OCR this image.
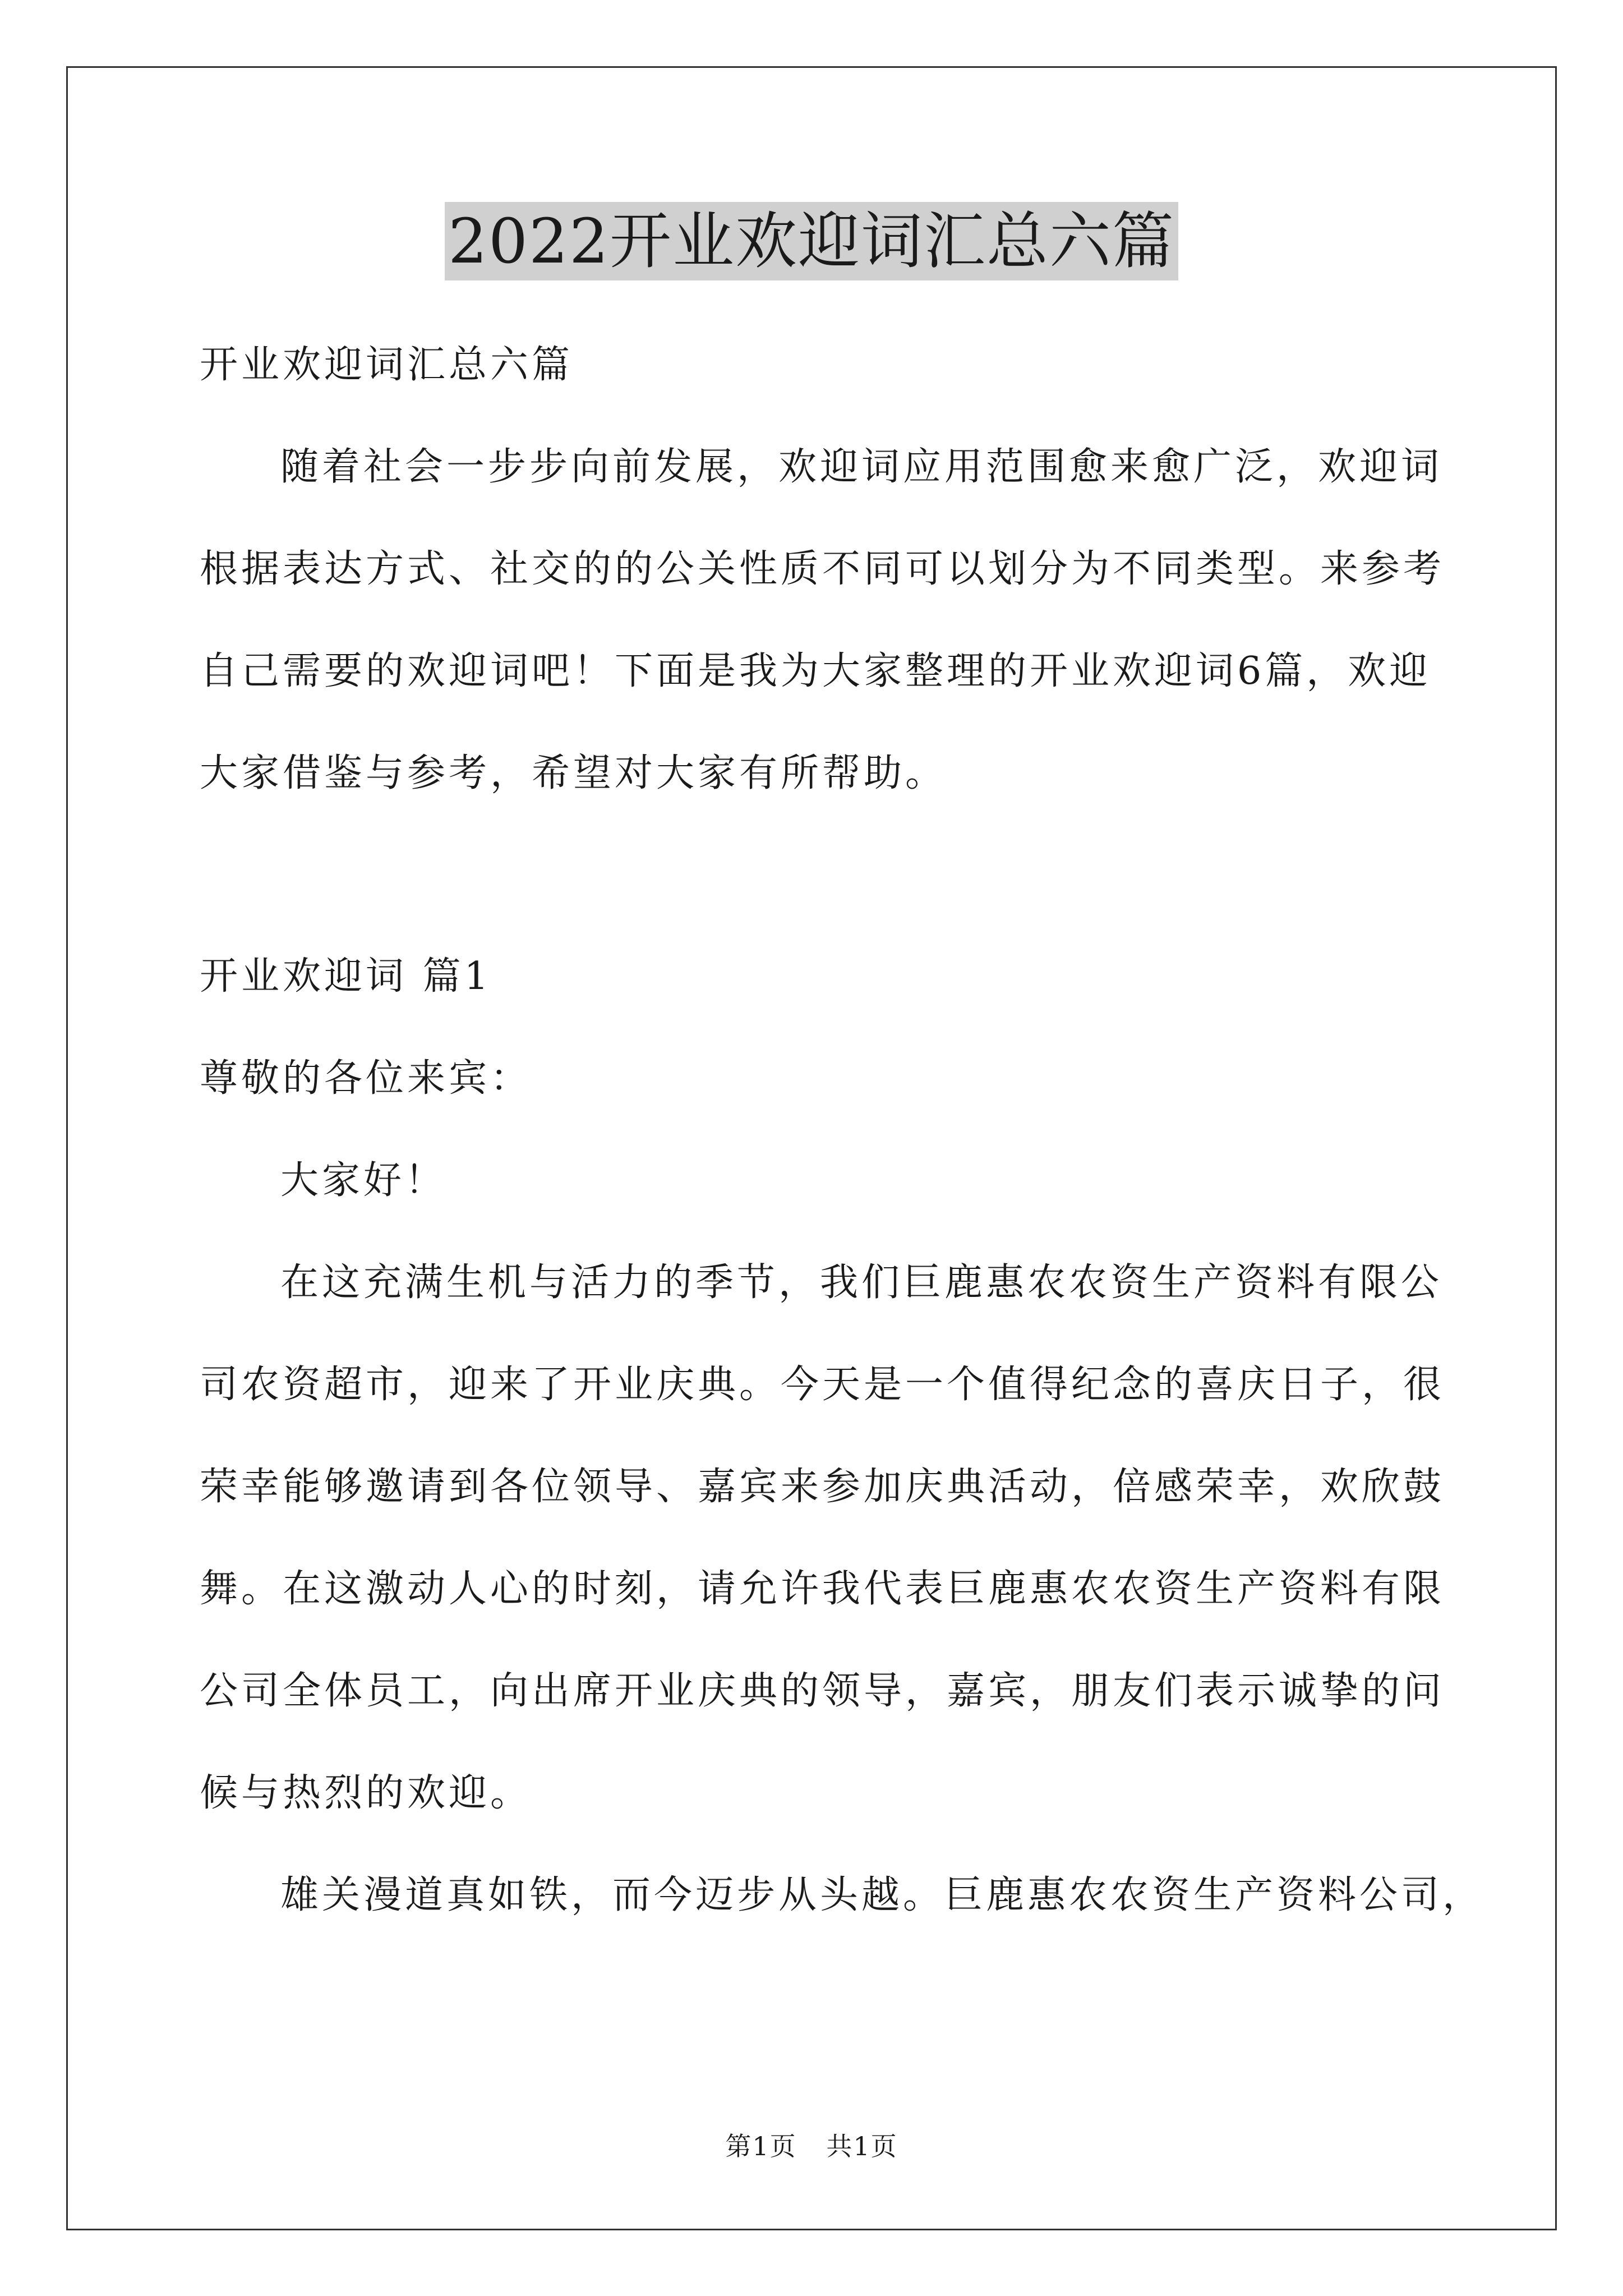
2022开业欢迎词汇总六篇
开业欢迎词汇总六篇
随着社会一步步向前发展，欢迎词应用范围愈来愈广泛，欢迎词
根据表达方式、社交的的公关性质不同可以划分为不同类型。来参考
自己需要的欢迎词吧！下面是我为大家整理的开业欢迎词6篇，欢迎
大家借鉴与参考，希望对大家有所帮助。
开业欢迎词 篇1
尊敬的各位来宾：
大家好！
在这充满生机与活力的季节，我们巨鹿惠农农资生产资料有限公
司农资超市，迎来了开业庆典。今天是一个值得纪念的喜庆日子，很
荣幸能够邀请到各位领导、嘉宾来参加庆典活动，倍感荣幸，欢欣鼓
舞。在这激动人心的时刻，请允许我代表巨鹿惠农农资生产资料有限
公司全体员工，向出席开业庆典的领导，嘉宾，朋友们表示诚挚的问
候与热烈的欢迎。
雄关漫道真如铁，而今迈步从头越。巨鹿惠农农资生产资料公司，
第1页 共1页
